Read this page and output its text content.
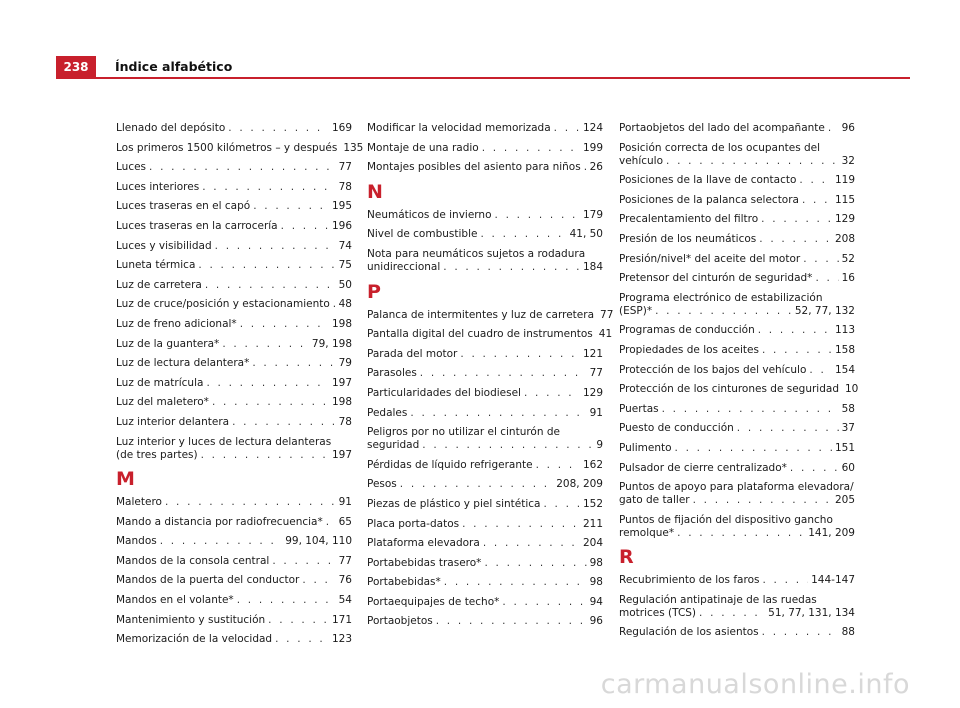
238	Índice alfabético
Llenado del depósito . . .	169
Los primeros 1500 kilómetros – y después 135
Luces . . .	77
Luces interiores . . .	78
Luces traseras en el capó . . .	195
Luces traseras en la carrocería . . .	196
Luces y visibilidad . . .	74
Luneta térmica . . .	75
Luz de carretera . . .	50
Luz de cruce/posición y estacionamiento . . . 48
Luz de freno adicional* . . .	198
Luz de la guantera* . . .	79, 198
Luz de lectura delantera* . . .	79
Luz de matrícula . . .	197
Luz del maletero* . . .	198
Luz interior delantera . . .	78
Luz interior y luces de lectura delanteras
(de tres partes) . . .	197
M
Maletero . . .	91
Mando a distancia por radiofrecuencia* . . . 65
Mandos . . .	99, 104, 110
Mandos de la consola central . . .	77
Mandos de la puerta del conductor . . .	76
Mandos en el volante* . . .	54
Mantenimiento y sustitución . . .	171
Memorización de la velocidad . . .	123
Modificar la velocidad memorizada . . .	124
Montaje de una radio . . .	199
Montajes posibles del asiento para niños . . . 26
N
Neumáticos de invierno . . .	179
Nivel de combustible . . .	41, 50
Nota para neumáticos sujetos a rodadura
unidireccional . . .	184
P
Palanca de intermitentes y luz de carretera 77
Pantalla digital del cuadro de instrumentos 41
Parada del motor . . .	121
Parasoles . . .	77
Particularidades del biodiesel . . .	129
Pedales . . .	91
Peligros por no utilizar el cinturón de
seguridad . . .	9
Pérdidas de líquido refrigerante . . .	162
Pesos . . .	208, 209
Piezas de plástico y piel sintética . . .	152
Placa porta-datos . . .	211
Plataforma elevadora . . .	204
Portabebidas trasero* . . .	98
Portabebidas* . . .	98
Portaequipajes de techo* . . .	94
Portaobjetos . . .	96
Portaobjetos del lado del acompañante . . . 96
Posición correcta de los ocupantes del
vehículo . . .	32
Posiciones de la llave de contacto . . .	119
Posiciones de la palanca selectora . . .	115
Precalentamiento del filtro . . .	129
Presión de los neumáticos . . .	208
Presión/nivel* del aceite del motor . . .	52
Pretensor del cinturón de seguridad* . . .	16
Programa electrónico de estabilización
(ESP)* . . .	52, 77, 132
Programas de conducción . . .	113
Propiedades de los aceites . . .	158
Protección de los bajos del vehículo . . .	154
Protección de los cinturones de seguridad 10
Puertas . . .	58
Puesto de conducción . . .	37
Pulimento . . .	151
Pulsador de cierre centralizado* . . .	60
Puntos de apoyo para plataforma elevadora/
gato de taller . . .	205
Puntos de fijación del dispositivo gancho
remolque* . . .	141, 209
R
Recubrimiento de los faros . . .	144-147
Regulación antipatinaje de las ruedas
motrices (TCS) . . .	51, 77, 131, 134
Regulación de los asientos . . .	88
carmanualsonline.info
